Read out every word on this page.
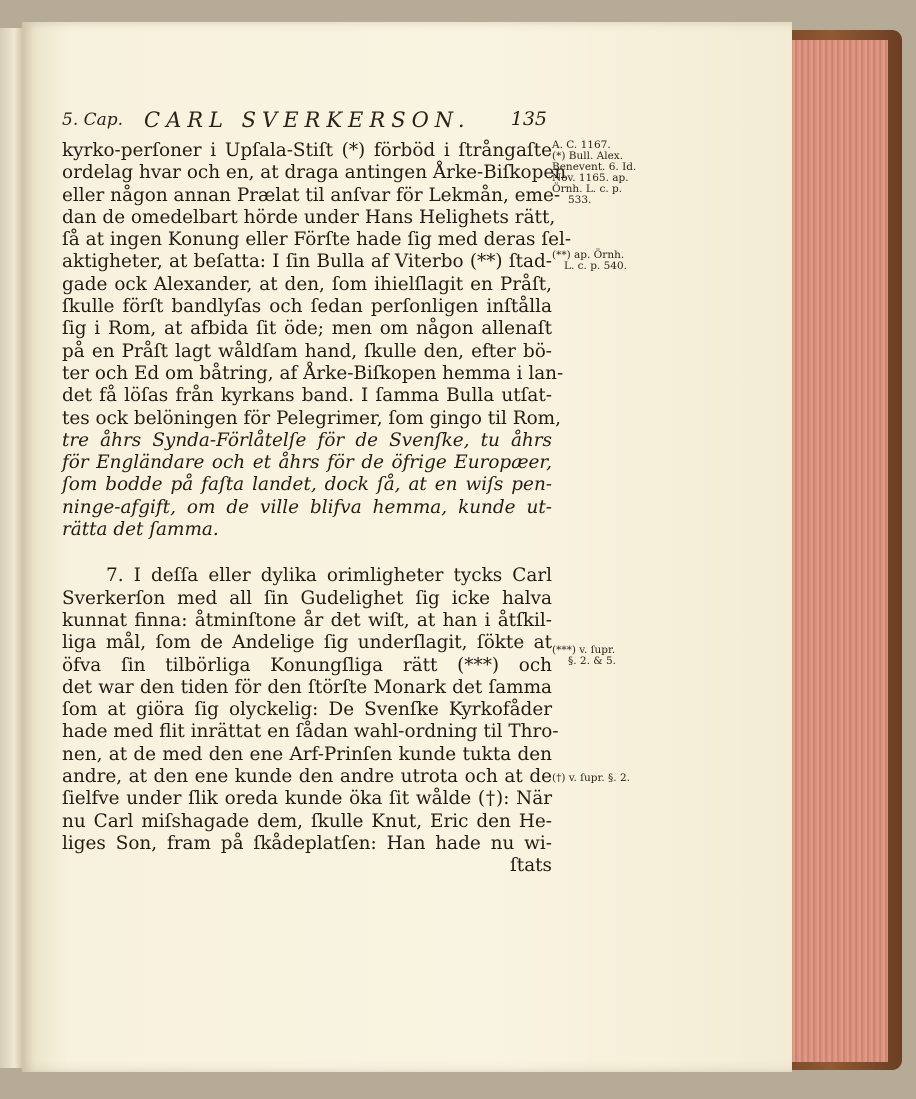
5. Cap. CARL SVERKERSON. 135
kyrko-perſoner i Upſala-Stiſt (*) förböd i ſtrångaſte
ordelag hvar och en, at draga antingen Årke-Biſkopen
eller någon annan Prælat til anſvar för Lekmån, eme-
dan de omedelbart hörde under Hans Helighets rätt,
ſå at ingen Konung eller Förſte hade ſig med deras ſel-
aktigheter, at beſatta: I ſin Bulla af Viterbo (**) ſtad-
gade ock Alexander, at den, ſom ihielſlagit en Pråſt,
ſkulle förſt bandlyſas och ſedan perſonligen inſtålla
ſig i Rom, at afbida ſit öde; men om någon allenaſt
på en Pråſt lagt wåldſam hand, ſkulle den, efter bö-
ter och Ed om båtring, af Årke-Biſkopen hemma i lan-
det få löſas från kyrkans band. I ſamma Bulla utſat-
tes ock belöningen för Pelegrimer, ſom gingo til Rom,
tre åhrs Synda-Förlåtelſe för de Svenſke, tu åhrs
för Engländare och et åhrs för de öfrige Europæer,
ſom bodde på faſta landet, dock ſå, at en wiſs pen-
ninge-afgift, om de ville blifva hemma, kunde ut-
rätta det ſamma.
7. I deſſa eller dylika orimligheter tycks Carl
Sverkerſon med all ſin Gudelighet ſig icke halva
kunnat finna: åtminſtone år det wiſt, at han i åtſkil-
liga mål, ſom de Andelige ſig underſlagit, ſökte at
öfva ſin tilbörliga Konungſliga rätt (***) och
det war den tiden för den ſtörſte Monark det ſamma
ſom at giöra ſig olyckelig: De Svenſke Kyrkofåder
hade med flit inrättat en ſådan wahl-ordning til Thro-
nen, at de med den ene Arf-Prinſen kunde tukta den
andre, at den ene kunde den andre utrota och at de
ſielfve under ſlik oreda kunde öka ſit wålde (†): När
nu Carl miſshagade dem, ſkulle Knut, Eric den He-
liges Son, fram på ſkådeplatſen: Han hade nu wi-
ſtats
A. C. 1167.
(*) Bull. Alex.
Benevent. 6. Id.
Nov. 1165. ap.
Örnh. L. c. p.
533.
(**) ap. Örnh.
L. c. p. 540.
(***) v. ſupr.
§. 2. & 5.
(†) v. ſupr. §. 2.
